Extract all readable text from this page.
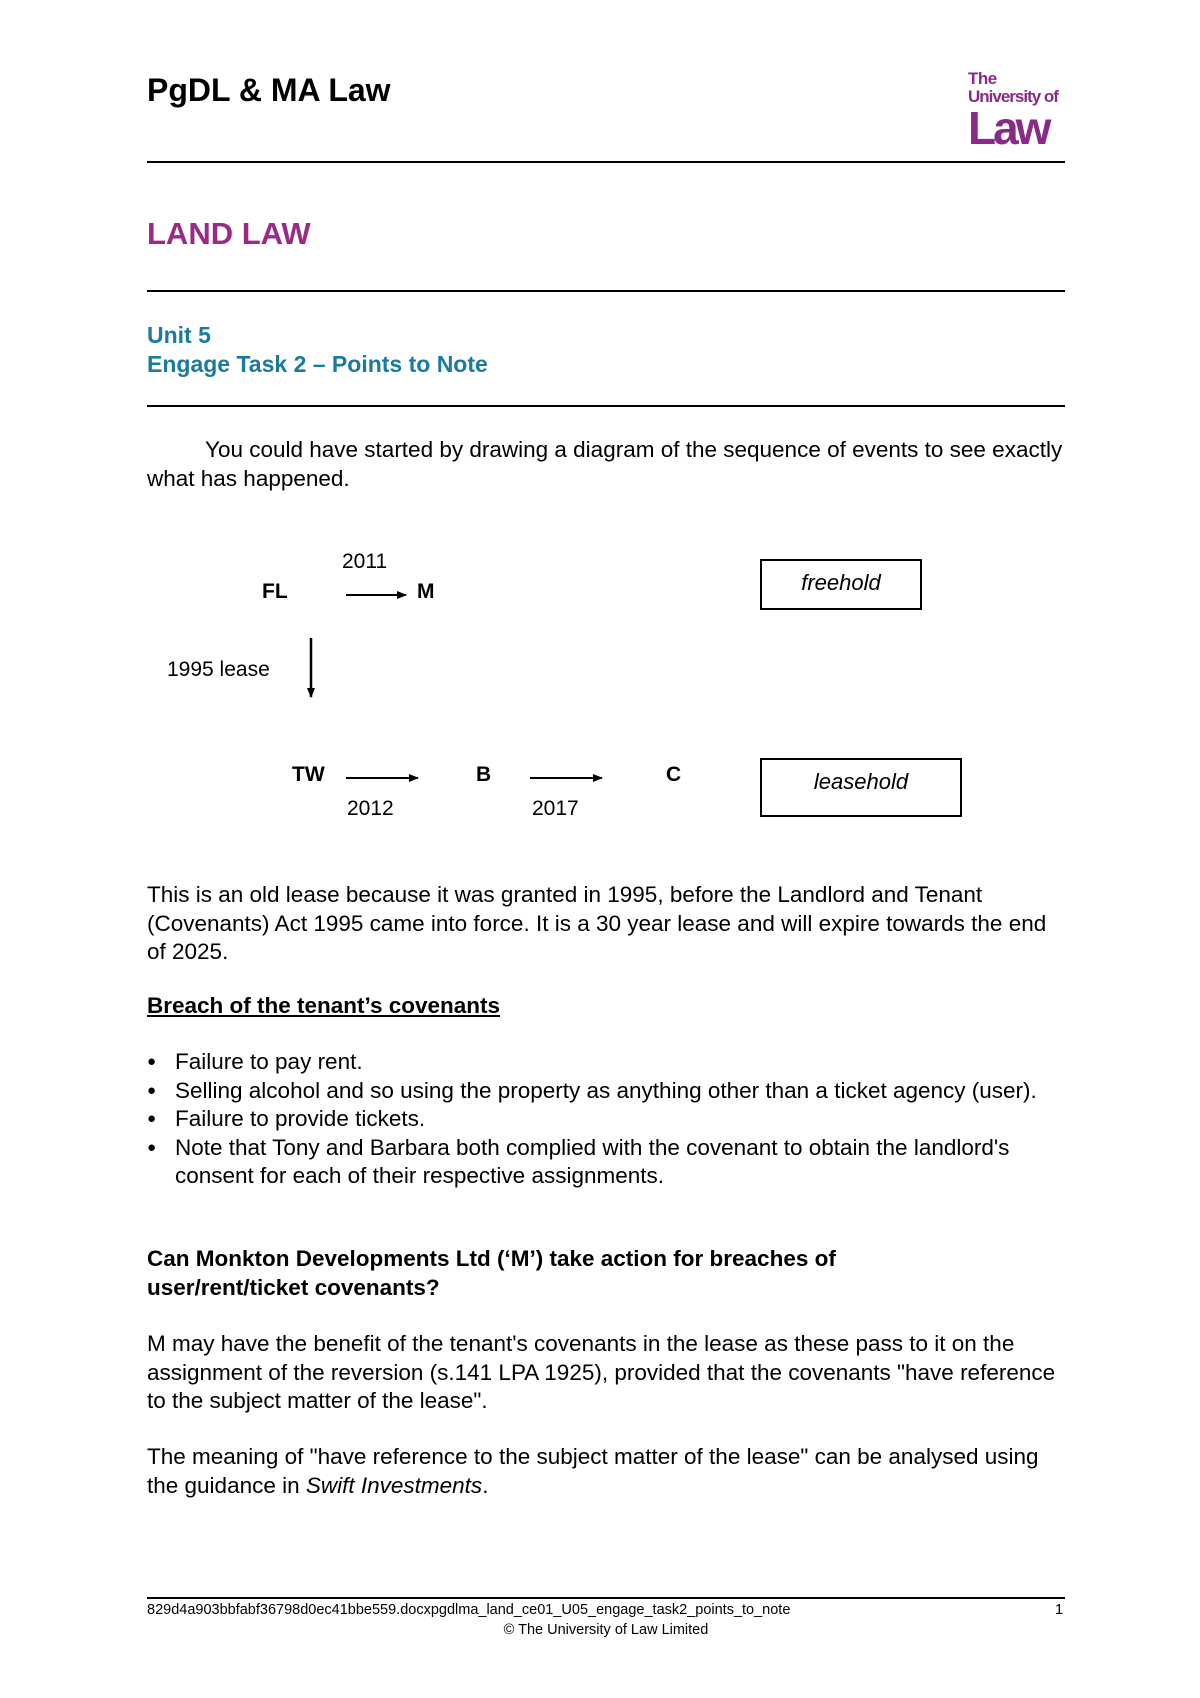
PgDL & MA Law	The
University of
Law
LAND LAW
Unit 5
Engage Task 2 – Points to Note
You could have started by drawing a diagram of the sequence of events to see exactly what has happened.
2011
FL	M
1995 lease
TW	B	C
2012	2017
freehold
leasehold
This is an old lease because it was granted in 1995, before the Landlord and Tenant (Covenants) Act 1995 came into force. It is a 30 year lease and will expire towards the end of 2025.
Breach of the tenant’s covenants
● Failure to pay rent.
● Selling alcohol and so using the property as anything other than a ticket agency (user).
● Failure to provide tickets.
● Note that Tony and Barbara both complied with the covenant to obtain the landlord's consent for each of their respective assignments.
Can Monkton Developments Ltd (‘M’) take action for breaches of user/rent/ticket covenants?
M may have the benefit of the tenant's covenants in the lease as these pass to it on the assignment of the reversion (s.141 LPA 1925), provided that the covenants "have reference to the subject matter of the lease".
The meaning of "have reference to the subject matter of the lease" can be analysed using the guidance in Swift Investments.
829d4a903bbfabf36798d0ec41bbe559.docxpgdlma_land_ce01_U05_engage_task2_points_to_note	1
© The University of Law Limited
